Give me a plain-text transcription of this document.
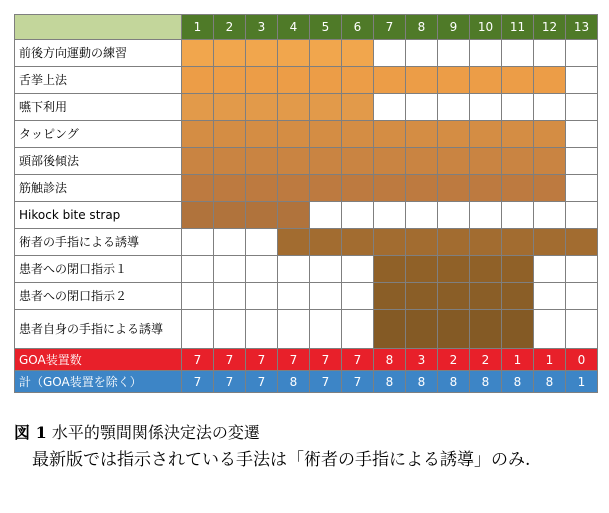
	1	2	3	4	5	6	7	8	9	10	11	12	13
前後方向運動の練習													
舌挙上法													
嚥下利用													
タッピング													
頭部後傾法													
筋触診法													
Hikock bite strap													
術者の手指による誘導													
患者への閉口指示１													
患者への閉口指示２													
患者自身の手指による誘導													
GOA装置数	7	7	7	7	7	7	8	3	2	2	1	1	0
計（GOA装置を除く）	7	7	7	8	7	7	8	8	8	8	8	8	1
図 1 水平的顎間関係決定法の変遷
最新版では指示されている手法は「術者の手指による誘導」のみ.
